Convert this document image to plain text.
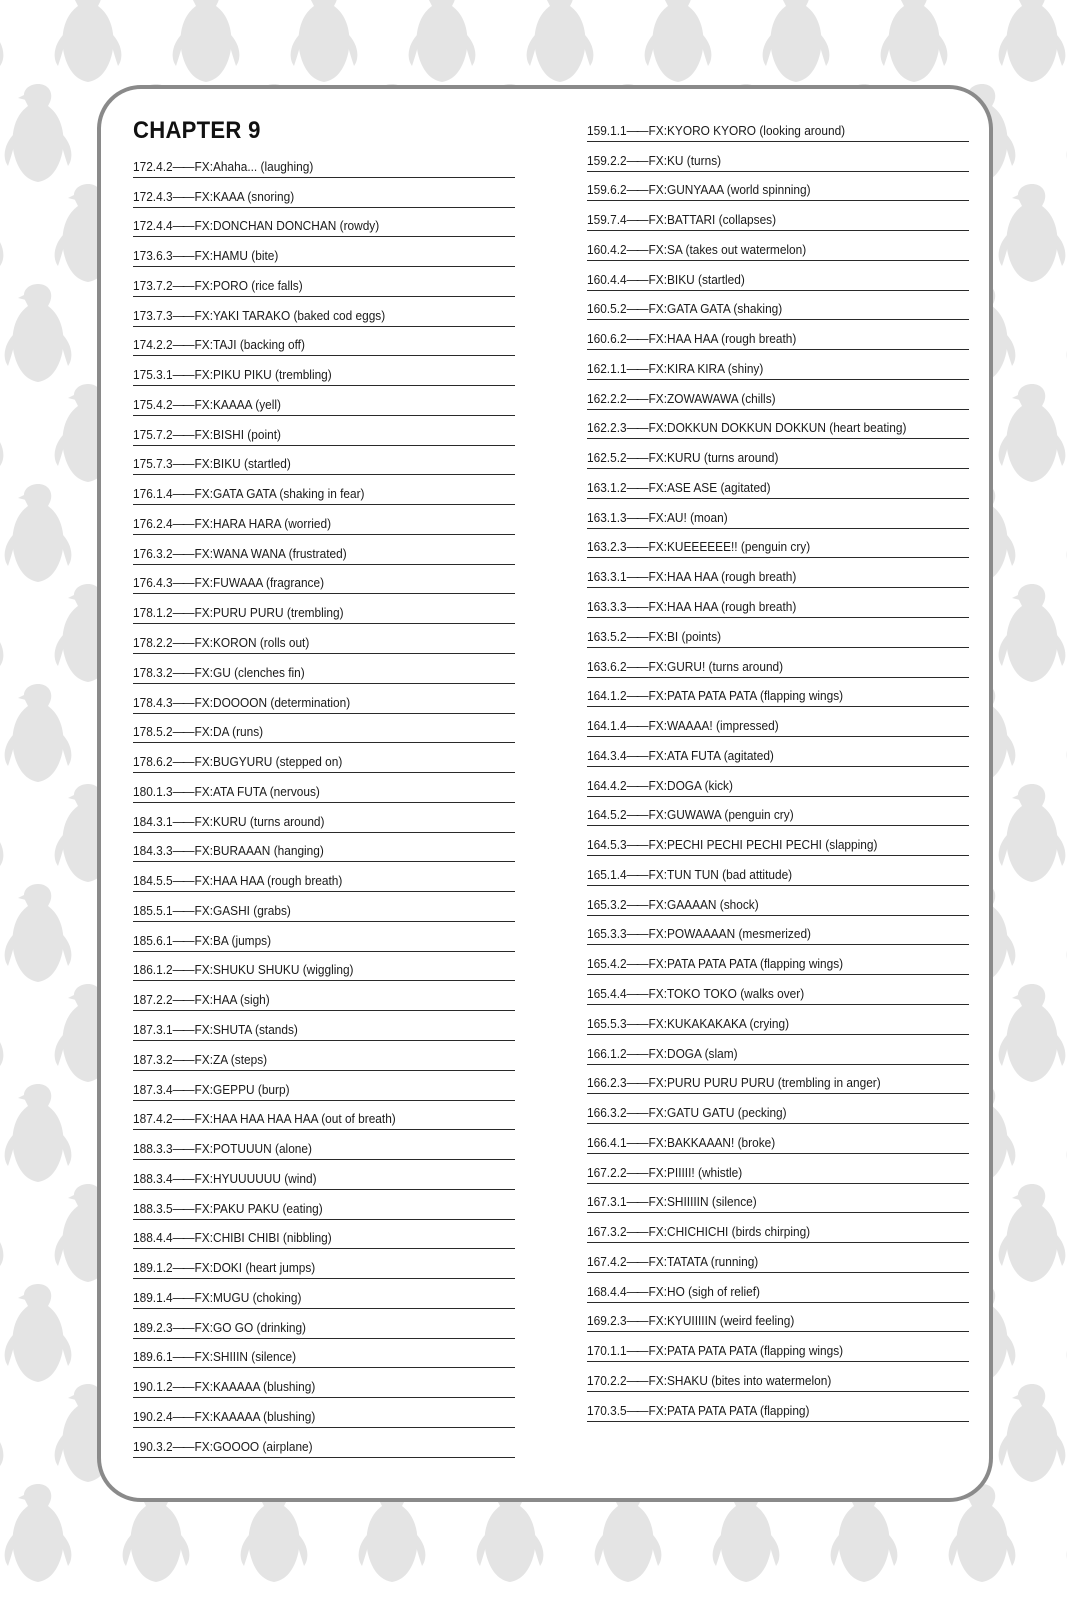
CHAPTER 9
172.4.2—— FX:Ahaha... (laughing)
172.4.3—— FX:KAAA (snoring)
172.4.4—— FX:DONCHAN DONCHAN (rowdy)
173.6.3—— FX:HAMU (bite)
173.7.2—— FX:PORO (rice falls)
173.7.3—— FX:YAKI TARAKO (baked cod eggs)
174.2.2—— FX:TAJI (backing off)
175.3.1—— FX:PIKU PIKU (trembling)
175.4.2—— FX:KAAAA (yell)
175.7.2—— FX:BISHI (point)
175.7.3—— FX:BIKU (startled)
176.1.4—— FX:GATA GATA (shaking in fear)
176.2.4—— FX:HARA HARA (worried)
176.3.2—— FX:WANA WANA (frustrated)
176.4.3—— FX:FUWAAA (fragrance)
178.1.2—— FX:PURU PURU (trembling)
178.2.2—— FX:KORON (rolls out)
178.3.2—— FX:GU (clenches fin)
178.4.3—— FX:DOOOON (determination)
178.5.2—— FX:DA (runs)
178.6.2—— FX:BUGYURU (stepped on)
180.1.3—— FX:ATA FUTA (nervous)
184.3.1—— FX:KURU (turns around)
184.3.3—— FX:BURAAAN (hanging)
184.5.5—— FX:HAA HAA (rough breath)
185.5.1—— FX:GASHI (grabs)
185.6.1—— FX:BA (jumps)
186.1.2—— FX:SHUKU SHUKU (wiggling)
187.2.2—— FX:HAA (sigh)
187.3.1—— FX:SHUTA (stands)
187.3.2—— FX:ZA (steps)
187.3.4—— FX:GEPPU (burp)
187.4.2—— FX:HAA HAA HAA HAA (out of breath)
188.3.3—— FX:POTUUUN (alone)
188.3.4—— FX:HYUUUUUU (wind)
188.3.5—— FX:PAKU PAKU (eating)
188.4.4—— FX:CHIBI CHIBI (nibbling)
189.1.2—— FX:DOKI (heart jumps)
189.1.4—— FX:MUGU (choking)
189.2.3—— FX:GO GO (drinking)
189.6.1—— FX:SHIIIN (silence)
190.1.2—— FX:KAAAAA (blushing)
190.2.4—— FX:KAAAAA (blushing)
190.3.2—— FX:GOOOO (airplane)
159.1.1—— FX:KYORO KYORO (looking around)
159.2.2—— FX:KU (turns)
159.6.2—— FX:GUNYAAA (world spinning)
159.7.4—— FX:BATTARI (collapses)
160.4.2—— FX:SA (takes out watermelon)
160.4.4—— FX:BIKU (startled)
160.5.2—— FX:GATA GATA (shaking)
160.6.2—— FX:HAA HAA (rough breath)
162.1.1—— FX:KIRA KIRA (shiny)
162.2.2—— FX:ZOWAWAWA (chills)
162.2.3—— FX:DOKKUN DOKKUN DOKKUN (heart beating)
162.5.2—— FX:KURU (turns around)
163.1.2—— FX:ASE ASE (agitated)
163.1.3—— FX:AU! (moan)
163.2.3—— FX:KUEEEEEE!! (penguin cry)
163.3.1—— FX:HAA HAA (rough breath)
163.3.3—— FX:HAA HAA (rough breath)
163.5.2—— FX:BI (points)
163.6.2—— FX:GURU! (turns around)
164.1.2—— FX:PATA PATA PATA (flapping wings)
164.1.4—— FX:WAAAA! (impressed)
164.3.4—— FX:ATA FUTA (agitated)
164.4.2—— FX:DOGA (kick)
164.5.2—— FX:GUWAWA (penguin cry)
164.5.3—— FX:PECHI PECHI PECHI PECHI (slapping)
165.1.4—— FX:TUN TUN (bad attitude)
165.3.2—— FX:GAAAAN (shock)
165.3.3—— FX:POWAAAAN (mesmerized)
165.4.2—— FX:PATA PATA PATA (flapping wings)
165.4.4—— FX:TOKO TOKO (walks over)
165.5.3—— FX:KUKAKAKAKA (crying)
166.1.2—— FX:DOGA (slam)
166.2.3—— FX:PURU PURU PURU (trembling in anger)
166.3.2—— FX:GATU GATU (pecking)
166.4.1—— FX:BAKKAAAN! (broke)
167.2.2—— FX:PIIIII! (whistle)
167.3.1—— FX:SHIIIIIN (silence)
167.3.2—— FX:CHICHICHI (birds chirping)
167.4.2—— FX:TATATA (running)
168.4.4—— FX:HO (sigh of relief)
169.2.3—— FX:KYUIIIIIN (weird feeling)
170.1.1—— FX:PATA PATA PATA (flapping wings)
170.2.2—— FX:SHAKU (bites into watermelon)
170.3.5—— FX:PATA PATA PATA (flapping)
